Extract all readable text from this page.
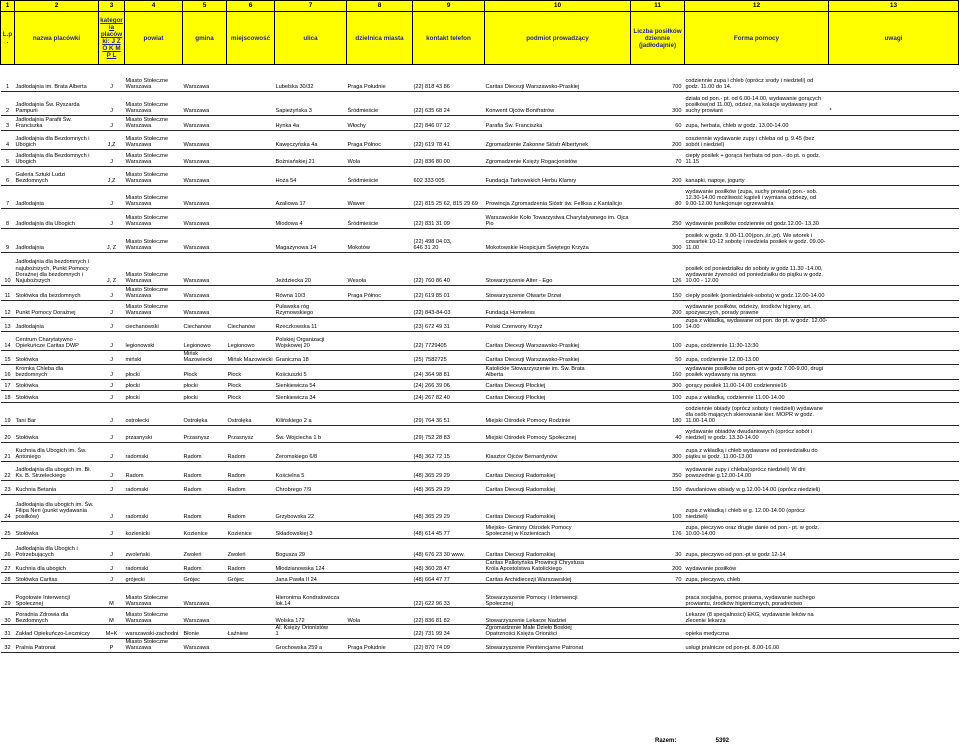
1	2	3	4	5	6	7	8	9	10	11	12	13
L.p.	nazwa placówki	kategoria placówki: J Z O K M P L	powiat	gmina	miejscowość	ulica	dzielnica miasta	kontakt telefon	podmiot prowadzący	Liczba posiłków dziennie (jadłodajnie)	Forma pomocy	uwagi

1	Jadłodajnia im. Brata Alberta	J	Miasto Stołeczne
Warszawa	Warszawa		Lubelska 30/32	Praga Południe	(22) 818 43 86	Caritas Diecezji Warszawsko-Praskiej	700	codziennie zupa i chleb (oprócz srody i niedzieli) od godz. 11.00 do 14.	
2	Jadłodajnia Św. Ryszarda
Pampurii	J	Miasto Stołeczne
Warszawa	Warszawa		Sapieżyńska 3	Śródmieście	(22) 635 68 24	Konwent Ojców Bonifratrów	300	działa od pon.- pt. od 6.00-14.00, wydawanie gorących posiłków(od 11.00), odzież, na kolacje wydawany jest suchy prowiant	*
3	Jadłodajnia Parafii Św.
Franciszka	J	Miasto Stołeczne
Warszawa	Warszawa		Hynka 4a	Włochy	(22) 846 07 12	Parafia Św. Franciszka	60	zupa, herbata, chleb w godz. 13.00-14.00	
4	Jadłodajnia dla Bezdomnych i
Ubogich	J,Z	Miasto Stołeczne
Warszawa	Warszawa		Kawęczyńska 4a	Praga Północ	(22) 619 78 41	Zgromadzenie Zakonne Sióstr Albertynek	200	cosziennie wydawanie zupy i chleba od g. 9.45 (bez sobót i niedziel)	
5	Jadłodajnia dla Bezdomnych i
Ubogich	J	Miasto Stołeczne
Warszawa	Warszawa		Bożniańskiej 21	Wola	(22) 836 80 00	Zgromadzenie Księży Rogacjonistów	70	ciepły posiłek + gorąca herbata od pon.- do pt. o godz. 11.15	
6	Galeria Sztuki Ludzi
Bezdomnych	J,Z	Miasto Stołeczne
Warszawa	Warszawa		Hoża 54	Śródmieście	602 333 005	Fundacja Tarkowskich Herbu Klamry	200	kanapki, napoje, jogurty	
7	Jadłodajnia	J	Miasto Stołeczne
Warszawa	Warszawa		Azaliowa 17	Wawer	(22) 815 25 62, 815 29 69	Prowincja Zgromadzenia Sióstr św. Feliksa z Kantalicjo	80	wydawanie posiłków (zupa, suchy prowiat) pon.- sob. 12.30-14.00 możliwość kąpieli i wymiana odzieży, od 9.00-12.00 funkcjonuje ogrzewalnia	
8	Jadłodajnia dla Ubogich	J	Miasto Stołeczne
Warszawa	Warszawa		Miodowa 4	Śródmieście	(22) 831 31 09	Warszawskie Koło Towarzystwa Charytatywnego im. Ojca Pio	250	wydawanie posiłków codziennie od godz.12.00- 13.30	
9	Jadłodajnia	J, Z	Miasto Stołeczne
Warszawa	Warszawa		Magazynowa 14	Mokotów	(22) 498 04 03,
646 31 20	Mokotowskie Hospicjum Świętego Krzyża	300	posiłek w godz. 9.00-11.00(pon.,śr.,pt). We wtorek i czwartek 10-12 sobotę i niedziela posiłek w godz. 09.00-11.00	
10	Jadłodajnia dla bezdomnych i
najuboższych, Punkt Pomocy
Doraźnej dla bezdomnych i
Najuboższych	J, Z	Miasto Stołeczne
Warszawa	Warszawa		Jeździecka 20	Wesoła	(22) 760 86 40	Stowarzyszenie Alter - Ego	126	posiłek od poniedziałku do soboty w godz 11.30 -14.00, wydawanie żywności od poniedziałku do piątku w godz. 10.00 - 12.00	
11	Stołówka dla bezdomnych	J	Miasto Stołeczne
Warszawa	Warszawa		Równa 10/3	Praga Północ	(22) 619 85 01	Stowarzyszenie Otwarte Drzwi	150	ciepły posiłek (poniedziałek-sobota) w godz.12.00-14.00	
12	Punkt Pomocy Doraźnej	J	Miasto Stołeczne
Warszawa	Warszawa		Puławska róg
Rzymowskiego		(22) 843-84-03	Fundacja Homeless	200	wydawanie posiłków, odzieży, środków higieny, art. spożywczych, porady prawne	
13	Jadłodajnia	J	ciechanowski	Ciechanów	Ciechanów	Rzeczkowska 11		(23) 672 49 31	Polski Czerwony Krzyż	100	zupa z wkładką, wydawane od pon. do pt. w godz. 12.00-14.00	
14	Centrum Charytatywno -
Opiekuńcze Caritas DWP	J	legionowski	Legionowo	Legionowo	Polskiej Organizacji
Wojskowej 20		(22) 7729405	Caritas Diecezji Warszawsko-Praskiej	100	zupa, codziennie 11:30-13:30	
15	Stołówka	J	miński	Mińsk
Mazowiecki	Mińsk Mazowiecki	Graniczna 18		(25) 7582725	Caritas Diecezji Warszawsko-Praskiej	50	zupa, codziennie 12.00-13.00	
16	Kromka Chleba dla
bezdomnych	J	płocki	Płock	Płock	Kościuszki 5		(24) 364 98 81	Katolickie Stowarzyszenie im. Św. Brata
Alberta	160	wydawanie posiłków od pon.-pt w godz 7.00-9.00, drugi posiłek wydawany na wynos	
17	Stołówka	J	płocki	płocki	Płock	Sienkiewicza 54		(24) 266 39 06	Caritas Diecezji Płockiej	300	gorący posiłek 11.00-14.00 codziennie16	
18	Stołówka	J	płocki	płocki	Płock	Sienkiewicza 34		(24) 267 82 40	Caritas Diecezji Płockiej	100	zupa z wkładką, codziennie 11.00-14.00	
19	Tani Bar	J	ostrołecki	Ostrołęka	Ostrołęka	Kilińskiego 2 a		(29) 764 36 51	Miejski Ośrodek Pomocy Rodzinie	180	codziennie obiady (oprócz soboty i niedzieli) wydawane dla osób mających skierowanie kier. MOPR w godz. 11.00-14.00	
20	Stołówka	J	przasnyski	Przasnysz	Przasnysz	Św. Wojciecha 1 b		(29) 752 28 83	Miejski Ośrodek Pomocy Społecznej	40	wydawanie obiadów dwudaniowych (oprócz sobót i niedziel) w godz. 13.30-14.00	
21	Kuchnia dla Ubogich im. Św.
Antoniego	J	radomski	Radom	Radom	Żeromskiego 6/8		(48) 362 72 15	Klasztor Ojców Bernardynów	300	zupa z wkładką i chleb wydawane od poniedziałku do piątku w godz. 11.00-13.00	
22	Jadłodajnia dla ubogich im. Bł.
Ks. B. Strzeleckiego	J	Radom	Radom	Radom	Kościelna 5		(48) 365 29 29	Caritas Diecezji Radomskiej	350	wydawanie zupy i chleba(oprócz niedzieli) W dni powszednie g.12.00-14.00	
23	Kuchnia Betania	J	radomski	Radom	Radom	Chrobrego 7/9		(48) 365 29 29	Caritas Diecezji Radomskiej	150	dwudaniowe obiady w g.12.00-14.00 (oprócz niedzieli)	
24	Jadłodajnia dla ubogich im. Św.
Filipa Neri (punkt wydawania
posiłków)	J	radomski	Radom	Radom	Grzybowska 22		(48) 365 29 29	Caritas Diecezji Radomskiej	100	zupa z wkładką i chleb w g. 12.00-14.00 (oprócz niedzieli)	
25	Stołówka	J	kozienicki	Kozienice	Kozienice	Składowskiej 3		(48) 614 45 77	Miejsko- Gminny Ośrodek Pomocy
Społecznej w Kozienicach	176	zupa, pieczywo oraz drugie danie od pon.- pt. w godz. 10.00-14.00	
26	Jadłodajnia dla Ubogich i
Potrzebujących	J	zwoleński	Zwoleń	Zwoleń	Bogusza 29		(48) 676 23 30 www.	Caritas Diecezji Radomskiej	30	zupa, pieczywo od pon.-pt w godz 12-14	
27	Kuchnia dla ubogich	J	radomski	Radom	Radom	Młodzianowska 124		(48) 360 28 47	Caritas Pallotyńska Prowincji Chrystusa
Króla Apostolstwa Katolickiego	200	wydawanie posiłków	
28	Stołówka Caritas	J	grójecki	Grójec	Grójec	Jana Pawła II 24		(48) 664 47 77	Caritas Archidiecezji Warszawskiej	70	zupa, pieczywo, chleb	
29	Pogotowie Interwencji
Społecznej	M	Miasto Stołeczne
Warszawa	Warszawa		Hieronima Kondratowicza
lok.14		(22) 622 96 33	Stowarzyszenie Pomocy i Interwencji
Społecznej		praca socjalna, pomoc prawna, wydawanie suchego prowiantu, środków higienicznych, poradnictwo	
30	Poradnia Zdrowia dla
Bezdomnych	M	Miasto Stołeczne
Warszawa	Warszawa		Wolska 172	Wola	(22) 836 81 82	Stowarzyszenie Lekarze Nadziei		Lekarze (8 specjalności) EKG, wydawanie leków na zlecenie lekarza	
31	Zakład Opiekuńczo-Leczniczy	M+K	warszawski-zachodni	Błonie	Łaźniew	Al. Księży Orionistów
1		(22) 731 99 34	Zgromadzenie Małe Dzieło Boskiej
Opatrzności Księża Orioniści		opieka medyczna	
32	Pralnia Patronat	P	Miasto Stołeczne
Warszawa	Warszawa		Grochowska 259 a	Praga Południe	(22) 870 74 09	Stowarzyszenie Penitencjarne Patronat		usługi pralnicze od pon-pt. 8.00-16.00	
Razem:	5392
